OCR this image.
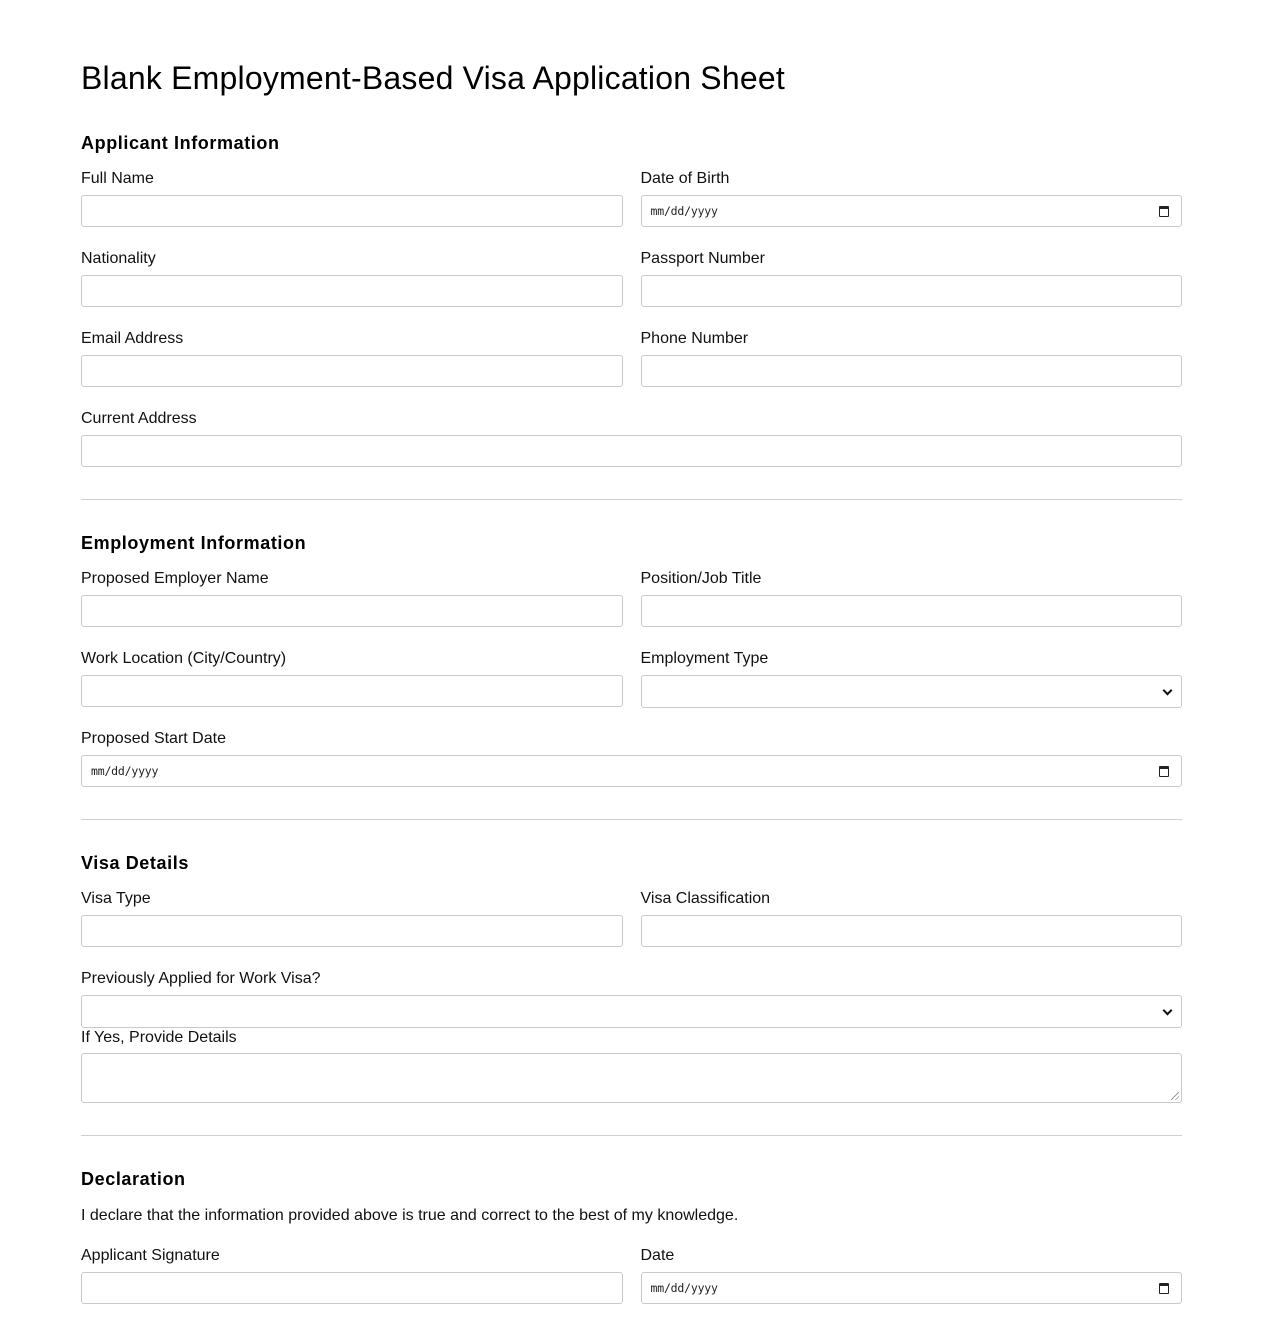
Blank Employment-Based Visa Application Sheet
Applicant Information
Full Name	Date of Birth
mm/dd/yyyy
Nationality	Passport Number
Email Address	Phone Number
Current Address
Employment Information
Proposed Employer Name	Position/Job Title
Work Location (City/Country)	Employment Type
Proposed Start Date
mm/dd/yyyy
Visa Details
Visa Type	Visa Classification
Previously Applied for Work Visa?
If Yes, Provide Details
Declaration

I declare that the information provided above is true and correct to the best of my knowledge.

Applicant Signature	Date
mm/dd/yyyy
